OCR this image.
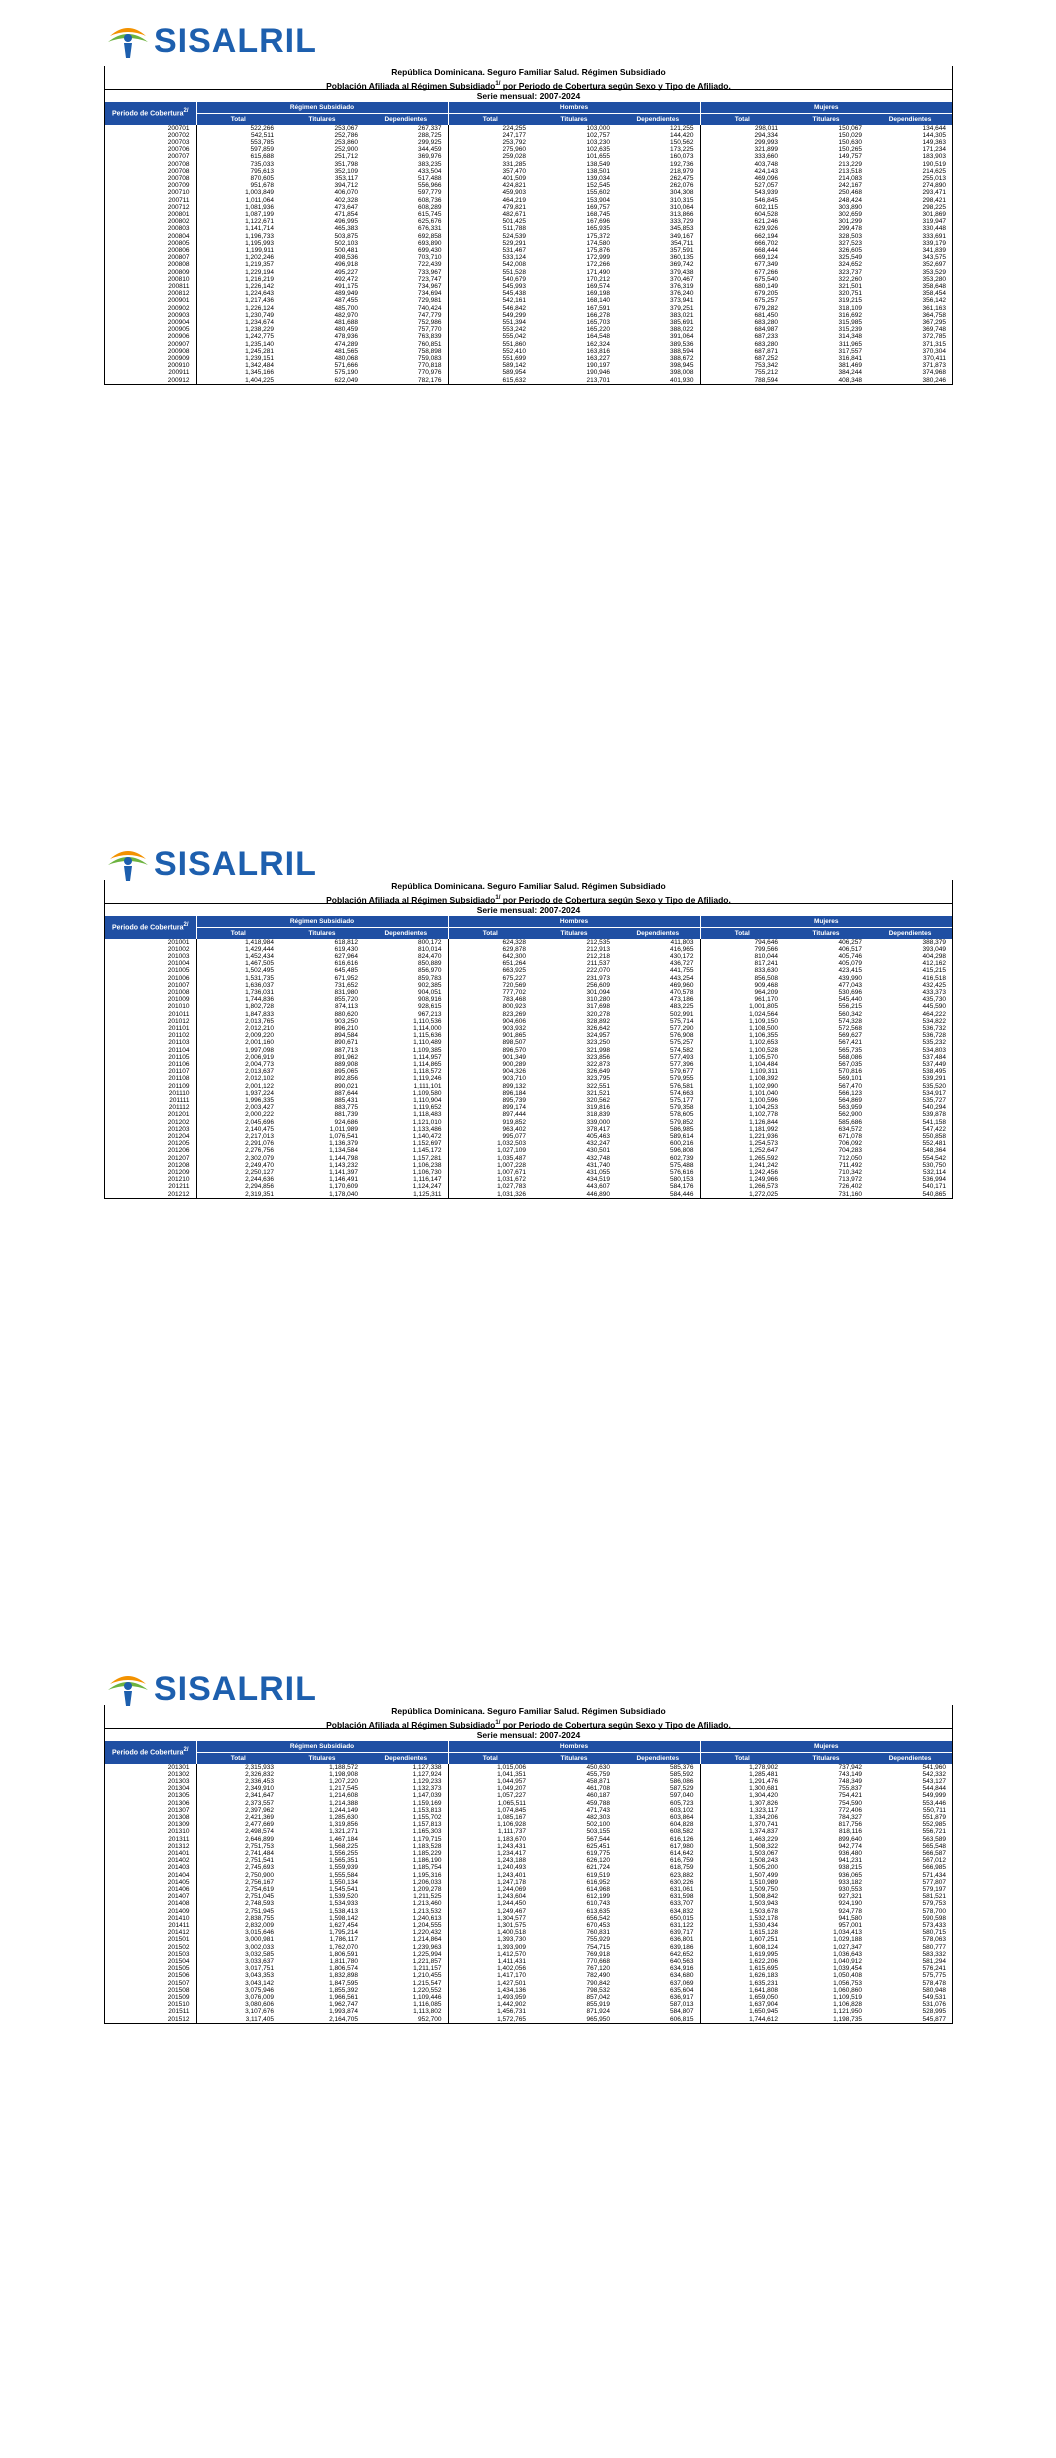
SISALRIL
República Dominicana. Seguro Familiar Salud. Régimen Subsidiado
Población Afiliada al Régimen Subsidiado$^{1/}$ por Periodo de Cobertura según Sexo y Tipo de Afiliado.
Serie mensual: 2007-2024
Periodo de Cobertura2/	Régimen Subsidiado			Hombres			Mujeres		
	Total	Titulares	Dependientes	Total	Titulares	Dependientes	Total	Titulares	Dependientes
200701	522,266	253,067	267,337	224,255	103,000	121,255	298,011	150,067	134,644
200702	542,511	252,786	288,725	247,177	102,757	144,420	294,334	150,029	144,305
200703	553,785	253,860	299,925	253,792	103,230	150,562	299,993	150,630	149,363
200706	597,859	252,900	344,459	275,960	102,635	173,225	321,899	150,265	171,234
200707	615,688	251,712	369,976	259,028	101,655	160,073	333,660	149,757	183,903
200708	735,033	351,798	383,235	331,285	138,549	192,736	403,748	213,229	190,519
200708	795,613	352,109	433,504	357,470	138,501	218,979	424,143	213,518	214,625
200708	870,605	353,117	517,488	401,509	139,034	262,475	469,096	214,083	255,013
200709	951,678	394,712	556,966	424,821	152,545	262,076	527,057	242,167	274,890
200710	1,003,849	406,070	597,779	459,903	155,602	304,308	543,939	250,468	293,471
200711	1,011,064	402,328	608,736	464,219	153,904	310,315	546,845	248,424	298,421
200712	1,081,936	473,647	608,289	479,821	169,757	310,064	602,115	303,890	298,225
200801	1,087,199	471,854	615,745	482,671	168,745	313,866	604,528	302,659	301,869
200802	1,122,671	496,995	625,676	501,425	167,696	333,729	621,246	301,299	319,947
200803	1,141,714	465,383	676,331	511,788	165,935	345,853	629,926	299,478	330,448
200804	1,196,733	503,875	692,858	524,539	175,372	349,167	662,194	328,503	333,691
200805	1,195,993	502,103	693,890	529,291	174,580	354,711	666,702	327,523	339,179
200806	1,199,911	500,481	699,430	531,467	175,876	357,591	668,444	326,605	341,839
200807	1,202,246	498,536	703,710	533,124	172,999	360,135	669,124	325,549	343,575
200808	1,219,357	496,918	722,439	542,008	172,266	369,742	677,349	324,652	352,697
200809	1,229,194	495,227	733,967	551,528	171,490	379,438	677,266	323,737	353,529
200810	1,216,219	492,472	723,747	540,679	170,212	370,467	675,540	322,260	353,280
200811	1,226,142	491,175	734,967	545,993	169,574	376,319	680,149	321,501	358,648
200812	1,224,643	489,949	734,694	545,438	169,198	376,240	679,205	320,751	358,454
200901	1,217,436	487,455	729,981	542,161	168,140	373,941	675,257	319,215	356,142
200902	1,226,124	485,700	740,424	546,842	167,591	379,251	679,282	318,109	361,163
200903	1,230,749	482,970	747,779	549,299	166,278	383,021	681,450	316,692	364,758
200904	1,234,674	481,688	752,986	551,394	165,703	385,691	683,280	315,985	367,295
200905	1,238,229	480,459	757,770	553,242	165,220	388,022	684,987	315,239	369,748
200906	1,242,775	478,936	763,839	555,042	164,548	391,064	687,233	314,348	372,785
200907	1,235,140	474,289	760,851	551,860	162,324	389,536	683,280	311,965	371,315
200908	1,245,281	481,565	758,898	552,410	163,816	388,594	687,871	317,557	370,304
200909	1,239,151	480,068	759,083	551,699	163,227	388,672	687,252	316,841	370,411
200910	1,342,484	571,666	770,818	589,142	190,197	398,945	753,342	381,469	371,873
200911	1,345,166	575,190	770,976	589,954	190,946	398,008	755,212	384,244	374,968
200912	1,404,225	622,049	782,176	615,632	213,701	401,930	788,594	408,348	380,246
SISALRIL
República Dominicana. Seguro Familiar Salud. Régimen Subsidiado
Población Afiliada al Régimen Subsidiado$^{1/}$ por Periodo de Cobertura según Sexo y Tipo de Afiliado.
Serie mensual: 2007-2024
Periodo de Cobertura2/	Régimen Subsidiado			Hombres			Mujeres		
	Total	Titulares	Dependientes	Total	Titulares	Dependientes	Total	Titulares	Dependientes
201001	1,418,984	618,812	800,172	624,328	212,535	411,803	794,646	406,257	388,379
201002	1,429,444	619,430	810,014	629,878	212,913	416,965	799,566	406,517	393,049
201003	1,452,434	627,964	824,470	642,300	212,218	430,172	810,044	405,746	404,298
201004	1,467,505	616,616	850,889	651,264	211,537	436,727	817,241	405,079	412,162
201005	1,502,495	645,485	856,970	663,925	222,070	441,755	833,630	423,415	415,215
201006	1,531,735	671,952	859,783	675,227	231,973	443,254	856,508	439,990	416,518
201007	1,636,037	731,652	902,385	720,569	256,609	469,960	909,468	477,043	432,425
201008	1,736,031	831,980	904,051	777,702	301,094	470,578	964,209	530,696	433,373
201009	1,744,836	855,720	908,916	783,468	310,280	473,186	961,170	545,440	435,730
201010	1,802,728	874,113	928,615	800,923	317,698	483,225	1,001,805	556,215	445,590
201011	1,847,833	880,620	967,213	823,269	320,278	502,991	1,024,564	560,342	464,222
201012	2,013,765	903,250	1,110,536	904,606	328,892	575,714	1,109,150	574,328	534,822
201101	2,012,210	896,210	1,114,000	903,932	326,642	577,290	1,108,500	572,568	536,732
201102	2,009,220	894,584	1,115,636	901,865	324,957	576,908	1,106,355	569,627	536,728
201103	2,001,160	890,671	1,110,489	898,507	323,250	575,257	1,102,653	567,421	535,232
201104	1,997,098	887,713	1,109,385	896,570	321,998	574,582	1,100,528	565,735	534,803
201105	2,006,919	891,962	1,114,957	901,349	323,856	577,493	1,105,570	568,086	537,484
201106	2,004,773	889,908	1,114,865	900,289	322,873	577,396	1,104,484	567,035	537,449
201107	2,013,637	895,065	1,118,572	904,326	326,649	579,677	1,109,311	570,816	538,495
201108	2,012,102	892,856	1,119,246	903,710	323,795	579,955	1,108,392	569,101	539,291
201109	2,001,122	890,021	1,111,101	899,132	322,551	576,581	1,102,990	567,470	535,520
201110	1,937,224	887,644	1,109,580	896,184	321,521	574,663	1,101,040	566,123	534,917
201111	1,996,335	885,431	1,110,904	895,739	320,562	575,177	1,100,596	564,869	535,727
201112	2,003,427	883,775	1,119,652	899,174	319,816	579,358	1,104,253	563,959	540,294
201201	2,000,222	881,739	1,118,483	897,444	318,839	578,605	1,102,778	562,900	539,878
201202	2,045,696	924,686	1,121,010	919,852	339,000	579,852	1,126,844	585,686	541,158
201203	2,140,475	1,011,989	1,133,486	963,402	378,417	586,985	1,181,992	634,572	547,422
201204	2,217,013	1,076,541	1,140,472	995,077	405,463	589,614	1,221,936	671,078	550,858
201205	2,291,076	1,136,379	1,152,697	1,032,503	432,247	600,216	1,254,573	706,092	552,481
201206	2,276,756	1,134,584	1,145,172	1,027,109	430,501	596,808	1,252,647	704,283	548,364
201207	2,302,079	1,144,798	1,157,281	1,035,487	432,748	602,739	1,265,592	712,050	554,542
201208	2,249,470	1,143,232	1,106,238	1,007,228	431,740	575,488	1,241,242	711,492	530,750
201209	2,250,127	1,141,397	1,106,730	1,007,671	431,055	576,616	1,242,456	710,342	532,114
201210	2,244,636	1,146,491	1,116,147	1,031,672	434,519	580,153	1,249,966	713,972	536,994
201211	2,294,856	1,170,609	1,124,247	1,027,783	443,607	584,176	1,266,573	726,402	540,171
201212	2,319,351	1,178,040	1,125,311	1,031,326	446,890	584,446	1,272,025	731,160	540,865
SISALRIL
República Dominicana. Seguro Familiar Salud. Régimen Subsidiado
Población Afiliada al Régimen Subsidiado$^{1/}$ por Periodo de Cobertura según Sexo y Tipo de Afiliado.
Serie mensual: 2007-2024
Periodo de Cobertura2/	Régimen Subsidiado			Hombres			Mujeres		
	Total	Titulares	Dependientes	Total	Titulares	Dependientes	Total	Titulares	Dependientes
201301	2,315,933	1,188,572	1,127,338	1,015,006	450,630	585,376	1,278,902	737,942	541,960
201302	2,326,832	1,198,908	1,127,924	1,041,351	455,759	585,592	1,285,481	743,149	542,332
201303	2,336,453	1,207,220	1,129,233	1,044,957	458,871	586,086	1,291,476	748,349	543,127
201304	2,349,910	1,217,545	1,132,373	1,049,207	461,708	587,529	1,300,681	755,837	544,844
201305	2,341,647	1,214,608	1,147,039	1,057,227	460,187	597,040	1,304,420	754,421	549,999
201306	2,373,557	1,214,388	1,159,169	1,065,511	459,788	605,723	1,307,826	754,590	553,446
201307	2,397,962	1,244,149	1,153,813	1,074,845	471,743	603,102	1,323,117	772,406	550,711
201308	2,421,369	1,285,630	1,155,702	1,085,167	482,303	603,864	1,334,206	784,327	551,879
201309	2,477,669	1,319,856	1,157,813	1,106,928	502,100	604,828	1,370,741	817,756	552,985
201310	2,498,574	1,321,271	1,165,303	1,111,737	503,155	608,582	1,374,837	818,116	556,721
201311	2,646,899	1,467,184	1,179,715	1,183,670	567,544	616,126	1,463,229	899,640	563,589
201312	2,751,753	1,568,225	1,183,528	1,243,431	625,451	617,980	1,508,322	942,774	565,548
201401	2,741,484	1,556,255	1,185,229	1,234,417	619,775	614,642	1,503,067	936,480	566,587
201402	2,751,541	1,565,351	1,186,190	1,243,188	626,120	616,759	1,508,243	941,231	567,012
201403	2,745,693	1,559,939	1,185,754	1,240,493	621,724	618,759	1,505,200	938,215	566,985
201404	2,750,900	1,555,584	1,195,316	1,243,401	619,519	623,882	1,507,499	936,065	571,434
201405	2,756,167	1,550,134	1,206,033	1,247,178	616,952	630,226	1,510,989	933,182	577,807
201406	2,754,619	1,545,541	1,209,278	1,244,069	614,968	631,061	1,509,750	930,553	579,197
201407	2,751,045	1,539,520	1,211,525	1,243,604	612,199	631,598	1,508,842	927,321	581,521
201408	2,748,593	1,534,933	1,213,460	1,244,450	610,743	633,707	1,503,943	924,190	579,753
201409	2,751,945	1,538,413	1,213,532	1,249,467	613,635	634,832	1,503,678	924,778	578,700
201410	2,838,755	1,598,142	1,240,613	1,304,577	656,542	650,015	1,532,178	941,580	590,598
201411	2,832,009	1,627,454	1,204,555	1,301,575	670,453	631,122	1,530,434	957,001	573,433
201412	3,015,646	1,795,214	1,220,432	1,400,518	760,831	639,717	1,615,128	1,034,413	580,715
201501	3,000,981	1,786,117	1,214,864	1,393,730	755,929	636,801	1,607,251	1,029,188	578,063
201502	3,002,033	1,762,070	1,239,963	1,393,909	754,715	639,186	1,608,124	1,027,347	580,777
201503	3,032,585	1,806,591	1,225,994	1,412,570	769,918	642,652	1,619,995	1,036,643	583,332
201504	3,033,637	1,811,780	1,221,857	1,411,431	770,668	640,563	1,622,206	1,040,912	581,294
201505	3,017,751	1,806,574	1,211,157	1,402,056	767,120	634,916	1,615,695	1,039,454	576,241
201506	3,043,353	1,832,898	1,210,455	1,417,170	782,490	634,680	1,626,183	1,050,408	575,775
201507	3,043,142	1,847,595	1,215,547	1,427,501	790,842	637,069	1,635,231	1,056,753	578,478
201508	3,075,946	1,855,392	1,220,552	1,434,136	798,532	635,604	1,641,808	1,060,860	580,948
201509	3,076,009	1,966,561	1,109,446	1,493,959	857,042	636,917	1,659,050	1,109,519	549,531
201510	3,080,606	1,962,747	1,116,085	1,442,902	855,919	587,013	1,637,904	1,106,828	531,076
201511	3,107,676	1,993,874	1,113,802	1,456,731	871,924	584,807	1,650,945	1,121,950	528,995
201512	3,117,405	2,164,705	952,700	1,572,765	965,950	606,815	1,744,612	1,198,735	545,877
